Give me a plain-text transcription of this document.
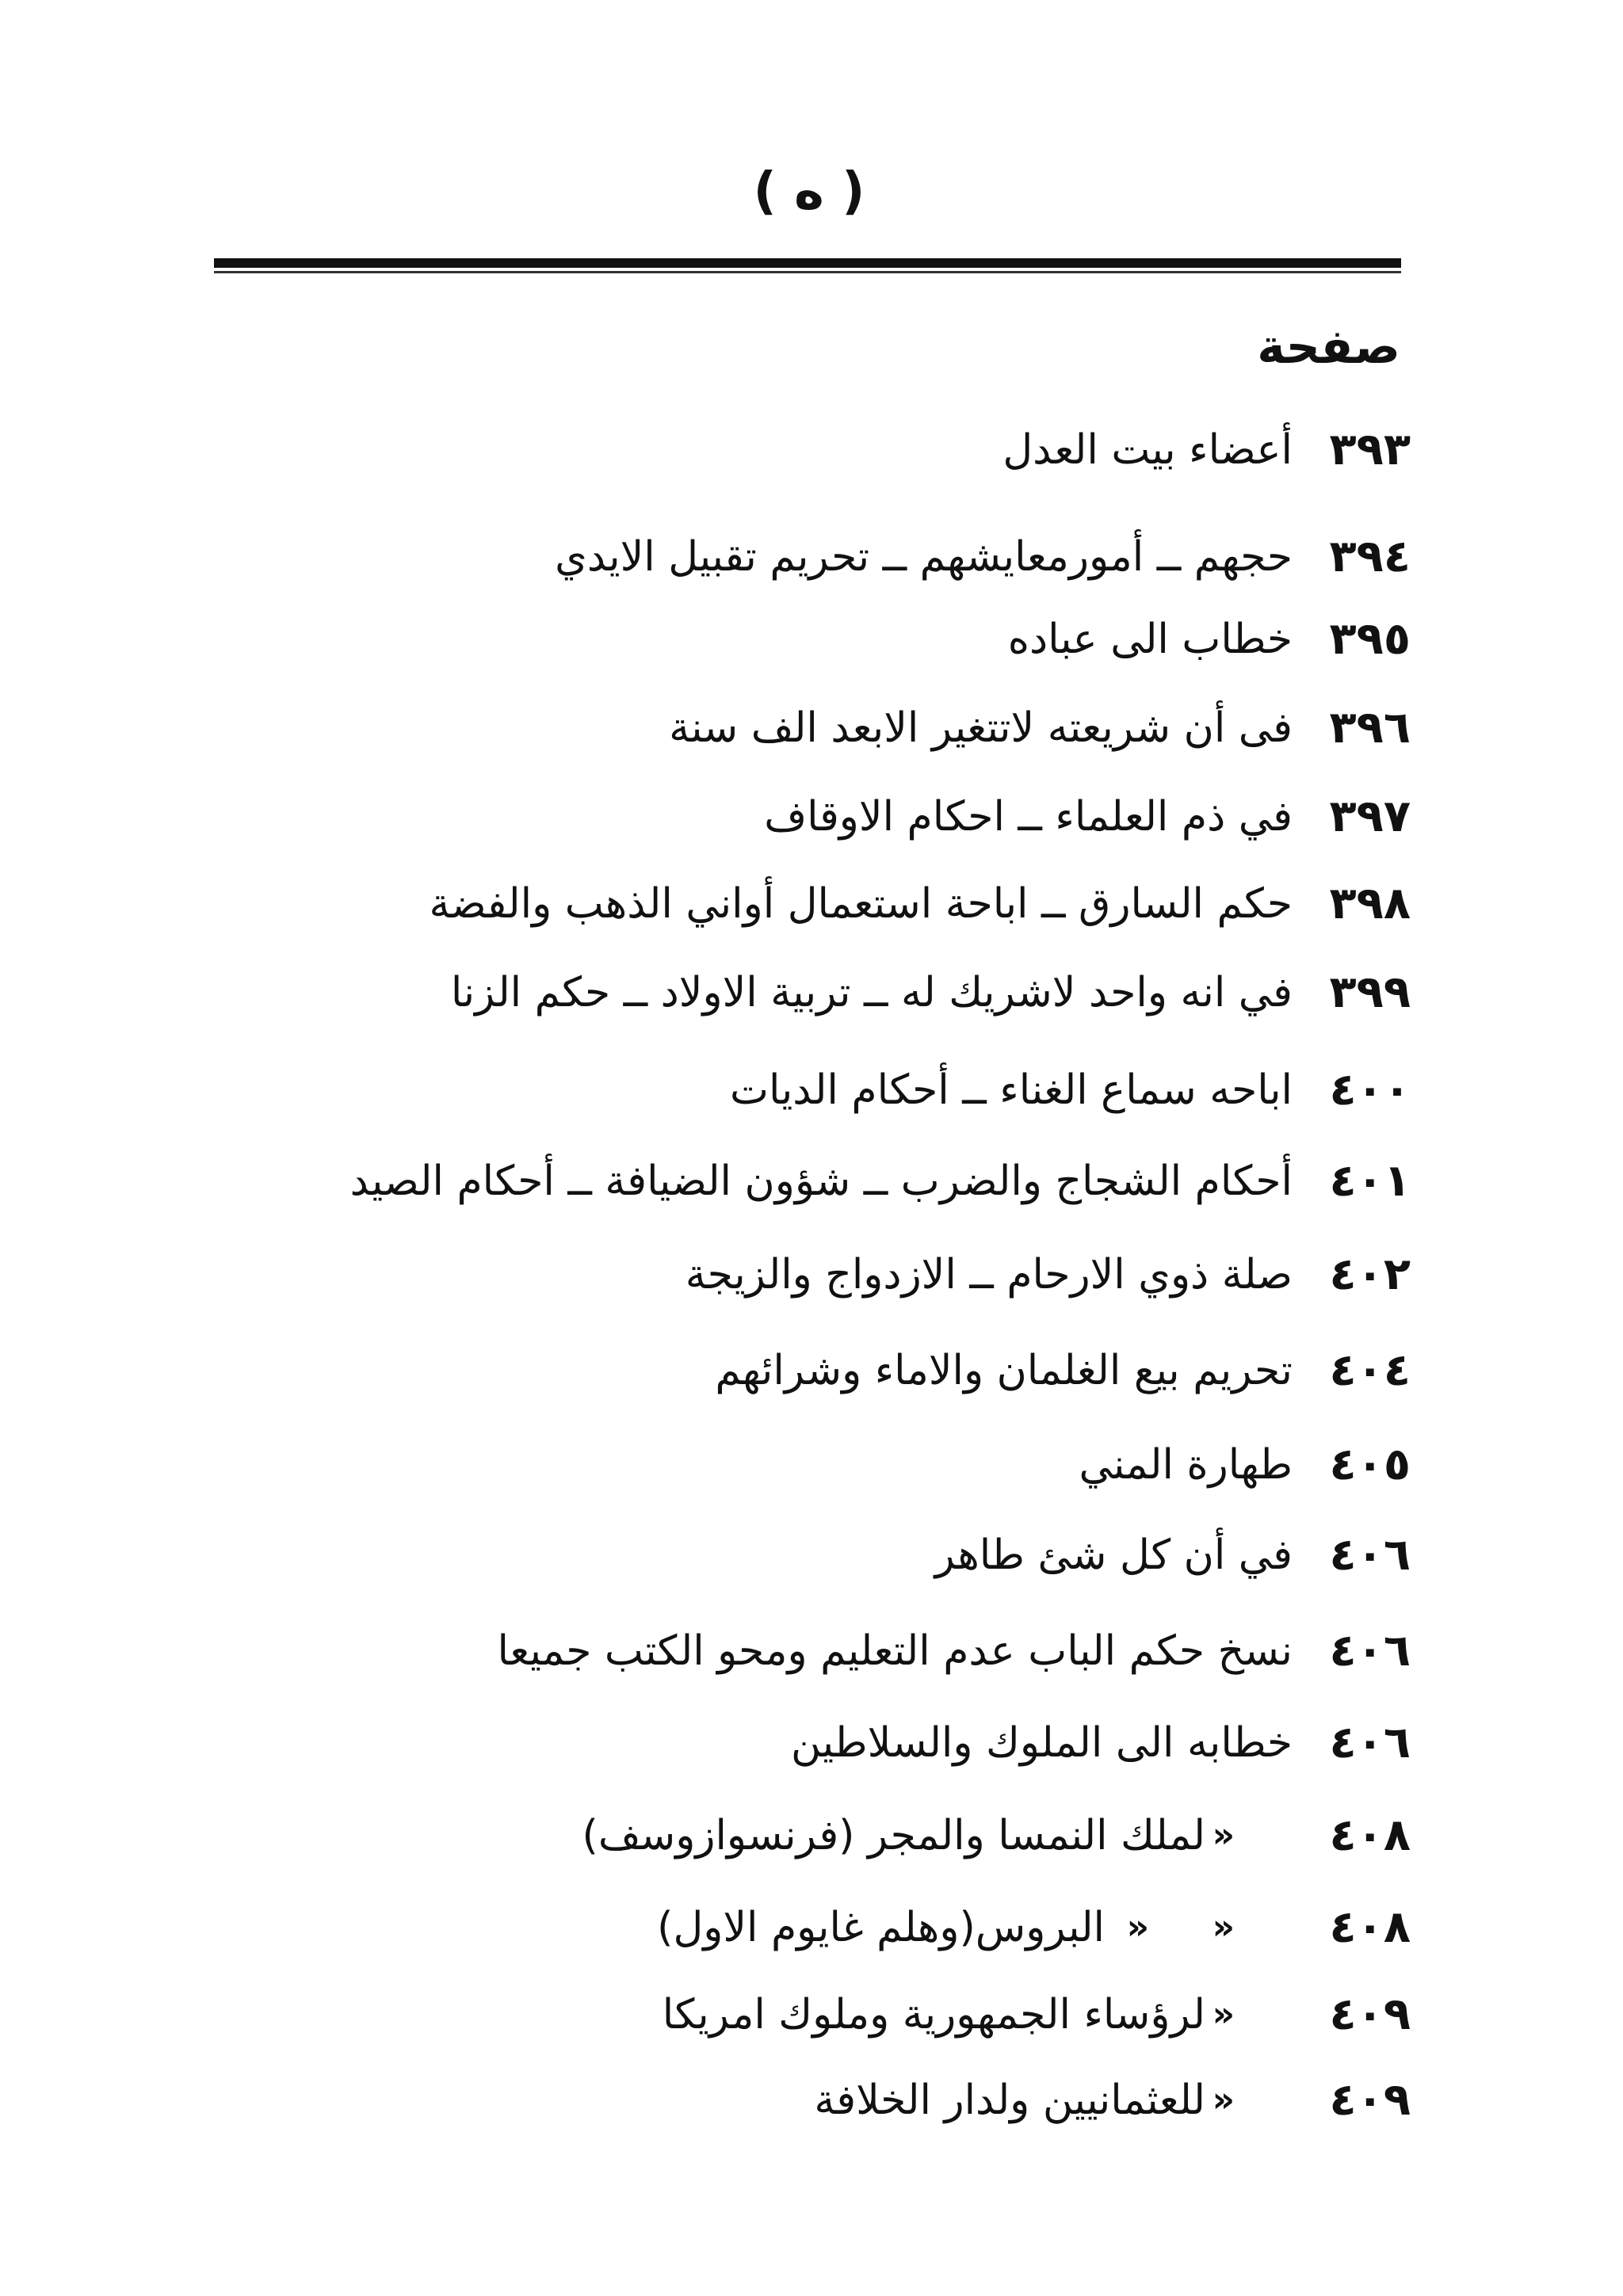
( ه )
صفحة
٣٩٣
أعضاء بيت العدل
٣٩٤
حجهم ــ أمورمعايشهم ــ تحريم تقبيل الايدي
٣٩٥
خطاب الى عباده
٣٩٦
فى أن شريعته لاتتغير الابعد الف سنة
٣٩٧
في ذم العلماء ــ احكام الاوقاف
٣٩٨
حكم السارق ــ اباحة استعمال أواني الذهب والفضة
٣٩٩
في انه واحد لاشريك له ــ تربية الاولاد ــ حكم الزنا
٤٠٠
اباحه سماع الغناء ــ أحكام الديات
٤٠١
أحكام الشجاج والضرب ــ شؤون الضيافة ــ أحكام الصيد
٤٠٢
صلة ذوي الارحام ــ الازدواج والزيجة
٤٠٤
تحريم بيع الغلمان والاماء وشرائهم
٤٠٥
طهارة المني
٤٠٦
في أن كل شئ طاهر
٤٠٦
نسخ حكم الباب عدم التعليم ومحو الكتب جميعا
٤٠٦
خطابه الى الملوك والسلاطين
٤٠٨
«
لملك النمسا والمجر (فرنسوازوسف)
٤٠٨
«
«
البروس(وهلم غايوم الاول)
٤٠٩
«
لرؤساء الجمهورية وملوك امريكا
٤٠٩
«
للعثمانيين ولدار الخلافة
